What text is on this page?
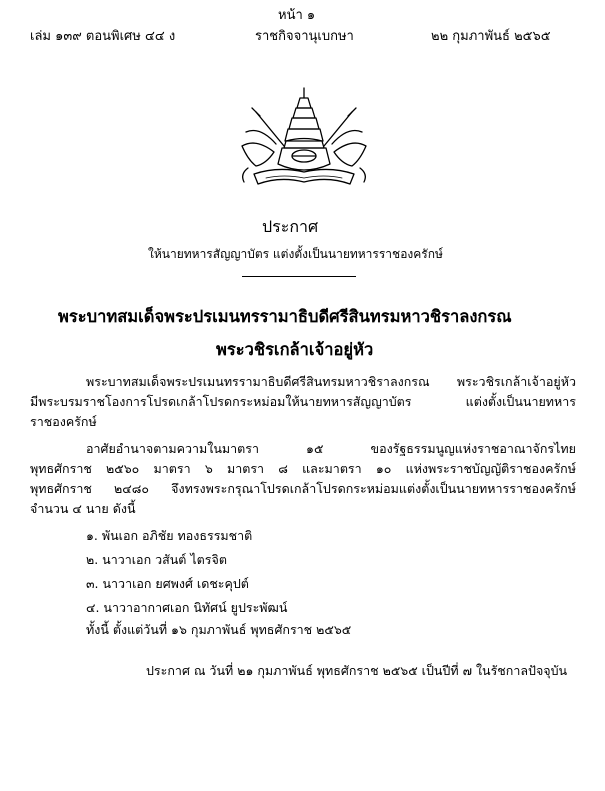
หน้า ๑
เล่ม ๑๓๙ ตอนพิเศษ ๔๔ ง	ราชกิจจานุเบกษา	๒๒ กุมภาพันธ์ ๒๕๖๕
ประกาศ
ให้นายทหารสัญญาบัตร แต่งตั้งเป็นนายทหารราชองครักษ์
พระบาทสมเด็จพระปรเมนทรรามาธิบดีศรีสินทรมหาวชิราลงกรณ
พระวชิรเกล้าเจ้าอยู่หัว
พระบาทสมเด็จพระปรเมนทรรามาธิบดีศรีสินทรมหาวชิราลงกรณ พระวชิรเกล้าเจ้าอยู่หัว
มีพระบรมราชโองการโปรดเกล้าโปรดกระหม่อมให้นายทหารสัญญาบัตร แต่งตั้งเป็นนายทหาร
ราชองครักษ์
อาศัยอำนาจตามความในมาตรา ๑๕ ของรัฐธรรมนูญแห่งราชอาณาจักรไทย
พุทธศักราช ๒๕๖๐ มาตรา ๖ มาตรา ๘ และมาตรา ๑๐ แห่งพระราชบัญญัติราชองครักษ์
พุทธศักราช ๒๔๘๐ จึงทรงพระกรุณาโปรดเกล้าโปรดกระหม่อมแต่งตั้งเป็นนายทหารราชองครักษ์
จำนวน ๔ นาย ดังนี้
๑. พันเอก อภิชัย ทองธรรมชาติ
๒. นาวาเอก วสันต์ ไตรจิต
๓. นาวาเอก ยศพงศ์ เดชะคุปต์
๔. นาวาอากาศเอก นิทัศน์ ยูประพัฒน์
ทั้งนี้ ตั้งแต่วันที่ ๑๖ กุมภาพันธ์ พุทธศักราช ๒๕๖๕
ประกาศ ณ วันที่ ๒๑ กุมภาพันธ์ พุทธศักราช ๒๕๖๕ เป็นปีที่ ๗ ในรัชกาลปัจจุบัน
